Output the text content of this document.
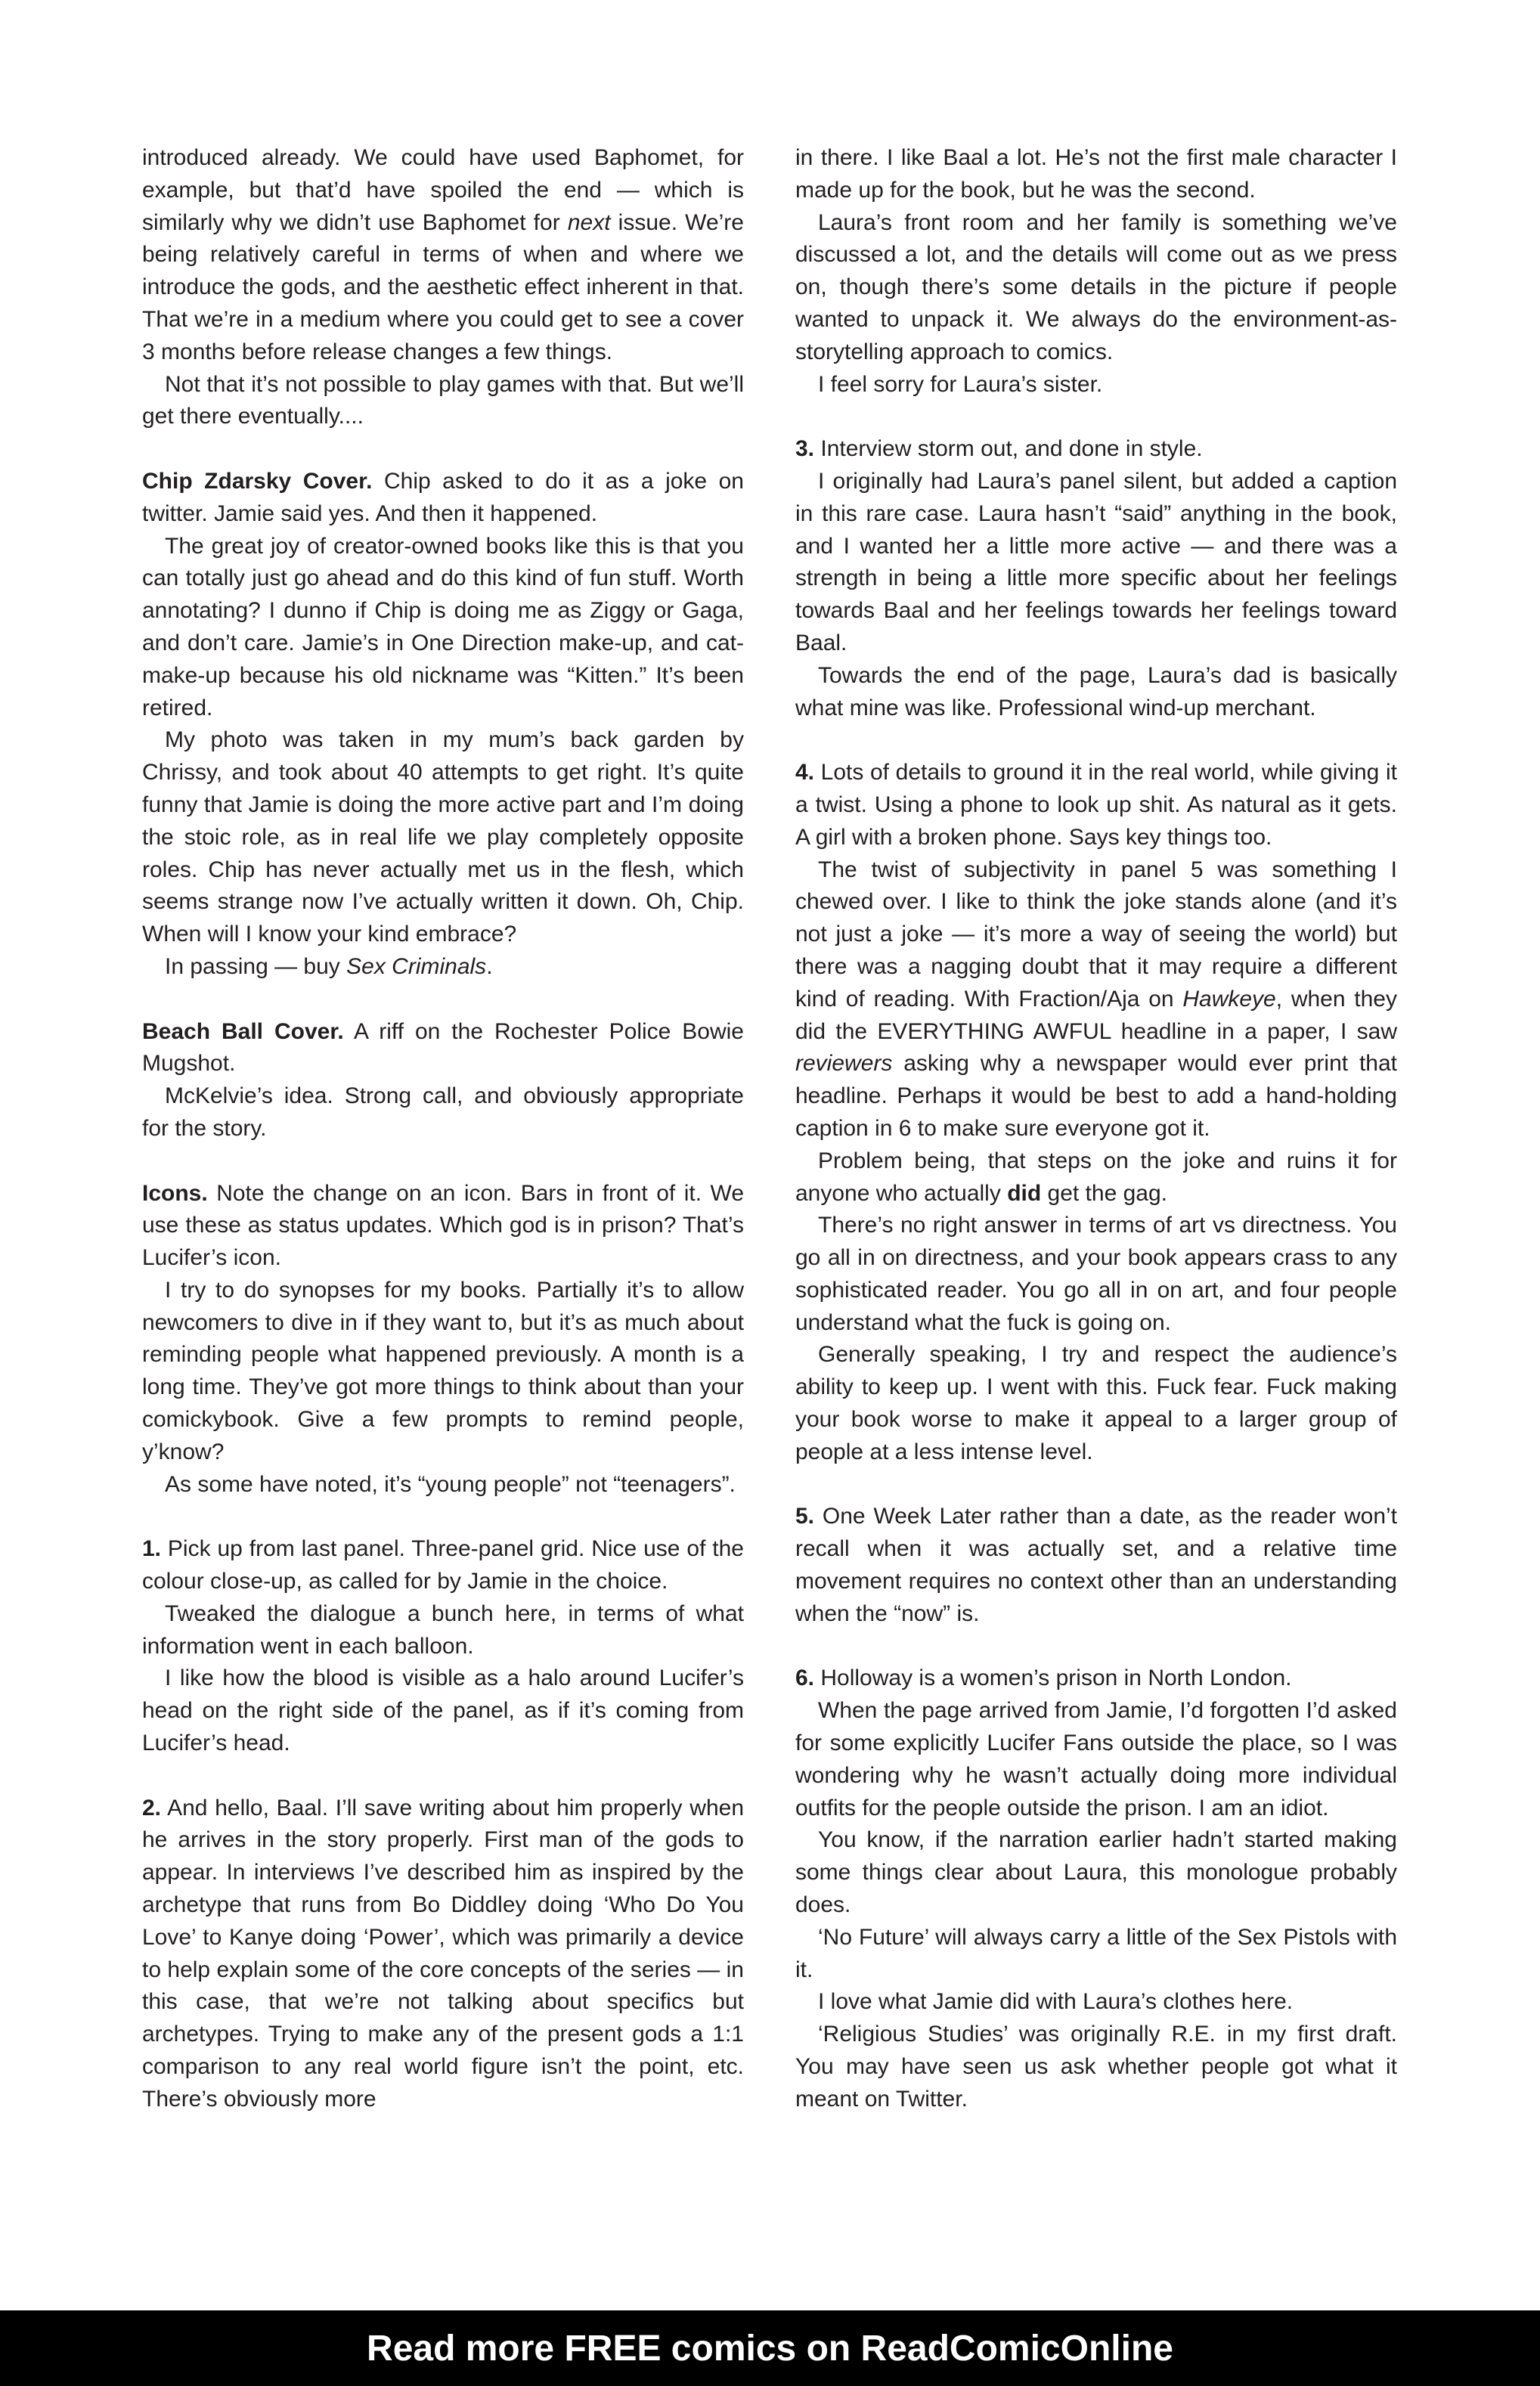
introduced already. We could have used Baphomet, for example, but that’d have spoiled the end — which is similarly why we didn’t use Baphomet for next issue. We’re being relatively careful in terms of when and where we introduce the gods, and the aesthetic effect inherent in that. That we’re in a medium where you could get to see a cover 3 months before release changes a few things.

Not that it’s not possible to play games with that. But we’ll get there eventually....

Chip Zdarsky Cover. Chip asked to do it as a joke on twitter. Jamie said yes. And then it happened.

The great joy of creator-owned books like this is that you can totally just go ahead and do this kind of fun stuff. Worth annotating? I dunno if Chip is doing me as Ziggy or Gaga, and don’t care. Jamie’s in One Direction make-up, and cat-make-up because his old nickname was “Kitten.” It’s been retired.

My photo was taken in my mum’s back garden by Chrissy, and took about 40 attempts to get right. It’s quite funny that Jamie is doing the more active part and I’m doing the stoic role, as in real life we play completely opposite roles. Chip has never actually met us in the flesh, which seems strange now I’ve actually written it down. Oh, Chip. When will I know your kind embrace?

In passing — buy Sex Criminals.

Beach Ball Cover. A riff on the Rochester Police Bowie Mugshot.

McKelvie’s idea. Strong call, and obviously appropriate for the story.

Icons. Note the change on an icon. Bars in front of it. We use these as status updates. Which god is in prison? That’s Lucifer’s icon.

I try to do synopses for my books. Partially it’s to allow newcomers to dive in if they want to, but it’s as much about reminding people what happened previously. A month is a long time. They’ve got more things to think about than your comickybook. Give a few prompts to remind people, y’know?

As some have noted, it’s “young people” not “teenagers”.

1. Pick up from last panel. Three-panel grid. Nice use of the colour close-up, as called for by Jamie in the choice.

Tweaked the dialogue a bunch here, in terms of what information went in each balloon.

I like how the blood is visible as a halo around Lucifer’s head on the right side of the panel, as if it’s coming from Lucifer’s head.

2. And hello, Baal. I’ll save writing about him properly when he arrives in the story properly. First man of the gods to appear. In interviews I’ve described him as inspired by the archetype that runs from Bo Diddley doing ‘Who Do You Love’ to Kanye doing ‘Power’, which was primarily a device to help explain some of the core concepts of the series — in this case, that we’re not talking about specifics but archetypes. Trying to make any of the present gods a 1:1 comparison to any real world figure isn’t the point, etc. There’s obviously more

in there. I like Baal a lot. He’s not the first male character I made up for the book, but he was the second.

Laura’s front room and her family is something we’ve discussed a lot, and the details will come out as we press on, though there’s some details in the picture if people wanted to unpack it. We always do the environment-as-storytelling approach to comics.

I feel sorry for Laura’s sister.

3. Interview storm out, and done in style.

I originally had Laura’s panel silent, but added a caption in this rare case. Laura hasn’t “said” anything in the book, and I wanted her a little more active — and there was a strength in being a little more specific about her feelings towards Baal and her feelings towards her feelings toward Baal.

Towards the end of the page, Laura’s dad is basically what mine was like. Professional wind-up merchant.

4. Lots of details to ground it in the real world, while giving it a twist. Using a phone to look up shit. As natural as it gets. A girl with a broken phone. Says key things too.

The twist of subjectivity in panel 5 was something I chewed over. I like to think the joke stands alone (and it’s not just a joke — it’s more a way of seeing the world) but there was a nagging doubt that it may require a different kind of reading. With Fraction/Aja on Hawkeye, when they did the EVERYTHING AWFUL headline in a paper, I saw reviewers asking why a newspaper would ever print that headline. Perhaps it would be best to add a hand-holding caption in 6 to make sure everyone got it.

Problem being, that steps on the joke and ruins it for anyone who actually did get the gag.

There’s no right answer in terms of art vs directness. You go all in on directness, and your book appears crass to any sophisticated reader. You go all in on art, and four people understand what the fuck is going on.

Generally speaking, I try and respect the audience’s ability to keep up. I went with this. Fuck fear. Fuck making your book worse to make it appeal to a larger group of people at a less intense level.

5. One Week Later rather than a date, as the reader won’t recall when it was actually set, and a relative time movement requires no context other than an understanding when the “now” is.

6. Holloway is a women’s prison in North London.

When the page arrived from Jamie, I’d forgotten I’d asked for some explicitly Lucifer Fans outside the place, so I was wondering why he wasn’t actually doing more individual outfits for the people outside the prison. I am an idiot.

You know, if the narration earlier hadn’t started making some things clear about Laura, this monologue probably does.

‘No Future’ will always carry a little of the Sex Pistols with it.

I love what Jamie did with Laura’s clothes here.

‘Religious Studies’ was originally R.E. in my first draft. You may have seen us ask whether people got what it meant on Twitter.

Read more FREE comics on ReadComicOnline
